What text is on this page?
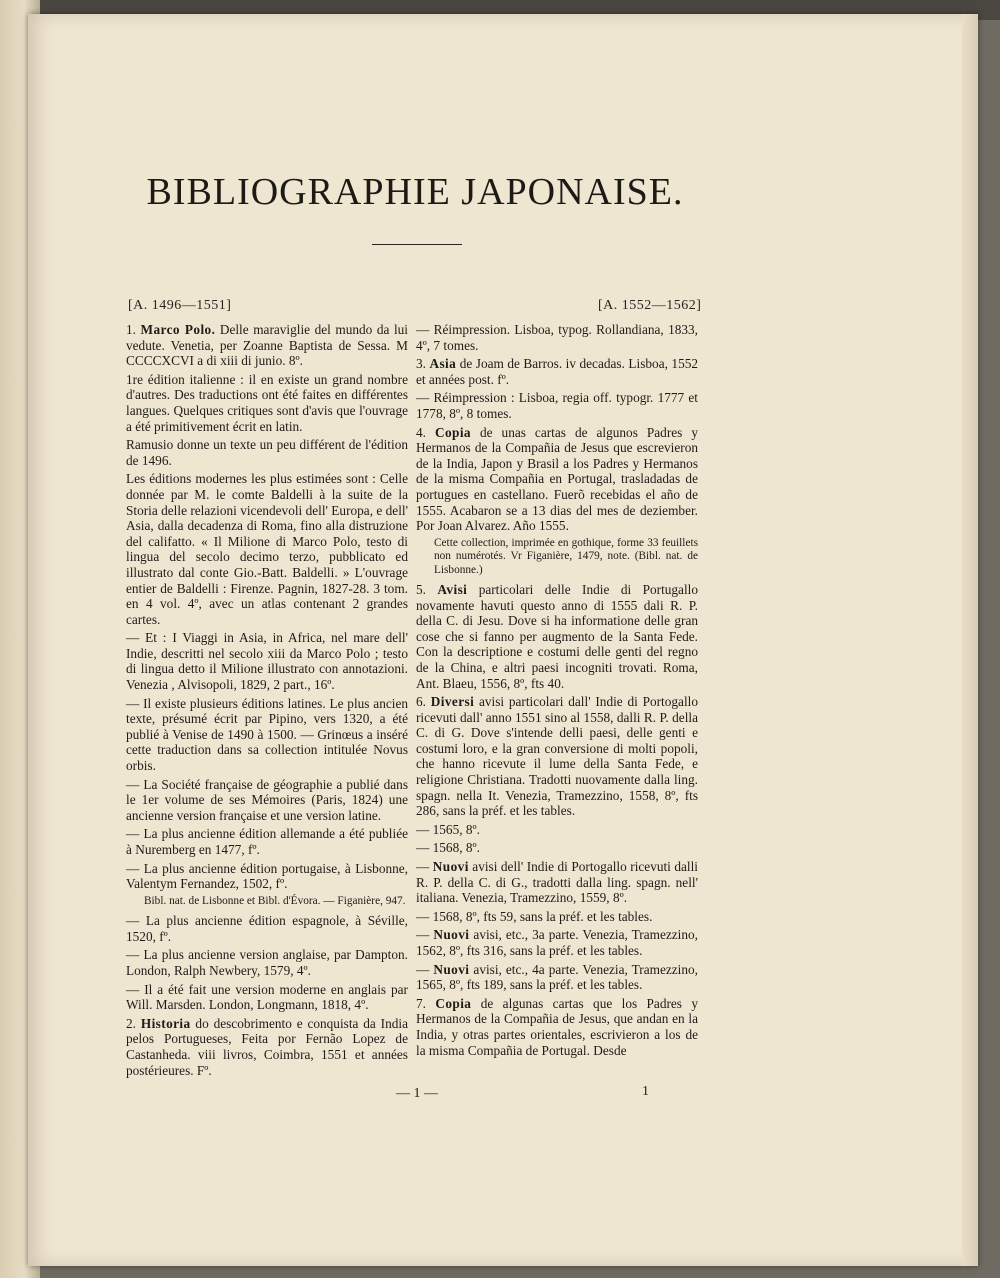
BIBLIOGRAPHIE JAPONAISE.
[A. 1496—1551]	[A. 1552—1562]

1. Marco Polo. Delle maraviglie del mundo da lui vedute. Venetia, per Zoanne Baptista de Sessa. M CCCCXCVI a di xiii di junio. 8º.

1re édition italienne : il en existe un grand nombre d'autres. Des traductions ont été faites en différentes langues. Quelques critiques sont d'avis que l'ouvrage a été primitivement écrit en latin.

Ramusio donne un texte un peu différent de l'édition de 1496.

Les éditions modernes les plus estimées sont : Celle donnée par M. le comte Baldelli à la suite de la Storia delle relazioni vicendevoli dell' Europa, e dell' Asia, dalla decadenza di Roma, fino alla distruzione del califatto. « Il Milione di Marco Polo, testo di lingua del secolo decimo terzo, pubblicato ed illustrato dal conte Gio.-Batt. Baldelli. » L'ouvrage entier de Baldelli : Firenze. Pagnin, 1827-28. 3 tom. en 4 vol. 4º, avec un atlas contenant 2 grandes cartes.

— Et : I Viaggi in Asia, in Africa, nel mare dell' Indie, descritti nel secolo xiii da Marco Polo ; testo di lingua detto il Milione illustrato con annotazioni. Venezia , Alvisopoli, 1829, 2 part., 16º.

— Il existe plusieurs éditions latines. Le plus ancien texte, présumé écrit par Pipino, vers 1320, a été publié à Venise de 1490 à 1500. — Grinœus a inséré cette traduction dans sa collection intitulée Novus orbis.

— La Société française de géographie a publié dans le 1er volume de ses Mémoires (Paris, 1824) une ancienne version française et une version latine.

— La plus ancienne édition allemande a été publiée à Nuremberg en 1477, fº.

— La plus ancienne édition portugaise, à Lisbonne, Valentym Fernandez, 1502, fº.

Bibl. nat. de Lisbonne et Bibl. d'Évora. — Figanière, 947.

— La plus ancienne édition espagnole, à Séville, 1520, fº.

— La plus ancienne version anglaise, par Dampton. London, Ralph Newbery, 1579, 4º.

— Il a été fait une version moderne en anglais par Will. Marsden. London, Longmann, 1818, 4º.

2. Historia do descobrimento e conquista da India pelos Portugueses, Feita por Fernão Lopez de Castanheda. viii livros, Coimbra, 1551 et années postérieures. Fº.

— Réimpression. Lisboa, typog. Rollandiana, 1833, 4º, 7 tomes.

3. Asia de Joam de Barros. iv decadas. Lisboa, 1552 et années post. fº.

— Réimpression : Lisboa, regia off. typogr. 1777 et 1778, 8º, 8 tomes.

4. Copia de unas cartas de algunos Padres y Hermanos de la Compañia de Jesus que escrevieron de la India, Japon y Brasil a los Padres y Hermanos de la misma Compañia en Portugal, trasladadas de portugues en castellano. Fuerõ recebidas el año de 1555. Acabaron se a 13 dias del mes de deziember. Por Joan Alvarez. Año 1555.

Cette collection, imprimée en gothique, forme 33 feuillets non numérotés. Vr Figanière, 1479, note. (Bibl. nat. de Lisbonne.)

5. Avisi particolari delle Indie di Portugallo novamente havuti questo anno di 1555 dali R. P. della C. di Jesu. Dove si ha informatione delle gran cose che si fanno per augmento de la Santa Fede. Con la descriptione e costumi delle genti del regno de la China, e altri paesi incogniti trovati. Roma, Ant. Blaeu, 1556, 8º, fts 40.

6. Diversi avisi particolari dall' Indie di Portogallo ricevuti dall' anno 1551 sino al 1558, dalli R. P. della C. di G. Dove s'intende delli paesi, delle genti e costumi loro, e la gran conversione di molti popoli, che hanno ricevute il lume della Santa Fede, e religione Christiana. Tradotti nuovamente dalla ling. spagn. nella It. Venezia, Tramezzino, 1558, 8º, fts 286, sans la préf. et les tables.

— 1565, 8º.

— 1568, 8º.

— Nuovi avisi dell' Indie di Portogallo ricevuti dalli R. P. della C. di G., tradotti dalla ling. spagn. nell' italiana. Venezia, Tramezzino, 1559, 8º.

— 1568, 8º, fts 59, sans la préf. et les tables.

— Nuovi avisi, etc., 3a parte. Venezia, Tramezzino, 1562, 8º, fts 316, sans la préf. et les tables.

— Nuovi avisi, etc., 4a parte. Venezia, Tramezzino, 1565, 8º, fts 189, sans la préf. et les tables.

7. Copia de algunas cartas que los Padres y Hermanos de la Compañia de Jesus, que andan en la India, y otras partes orientales, escrivieron a los de la misma Compañia de Portugal. Desde

— 1 —	1
